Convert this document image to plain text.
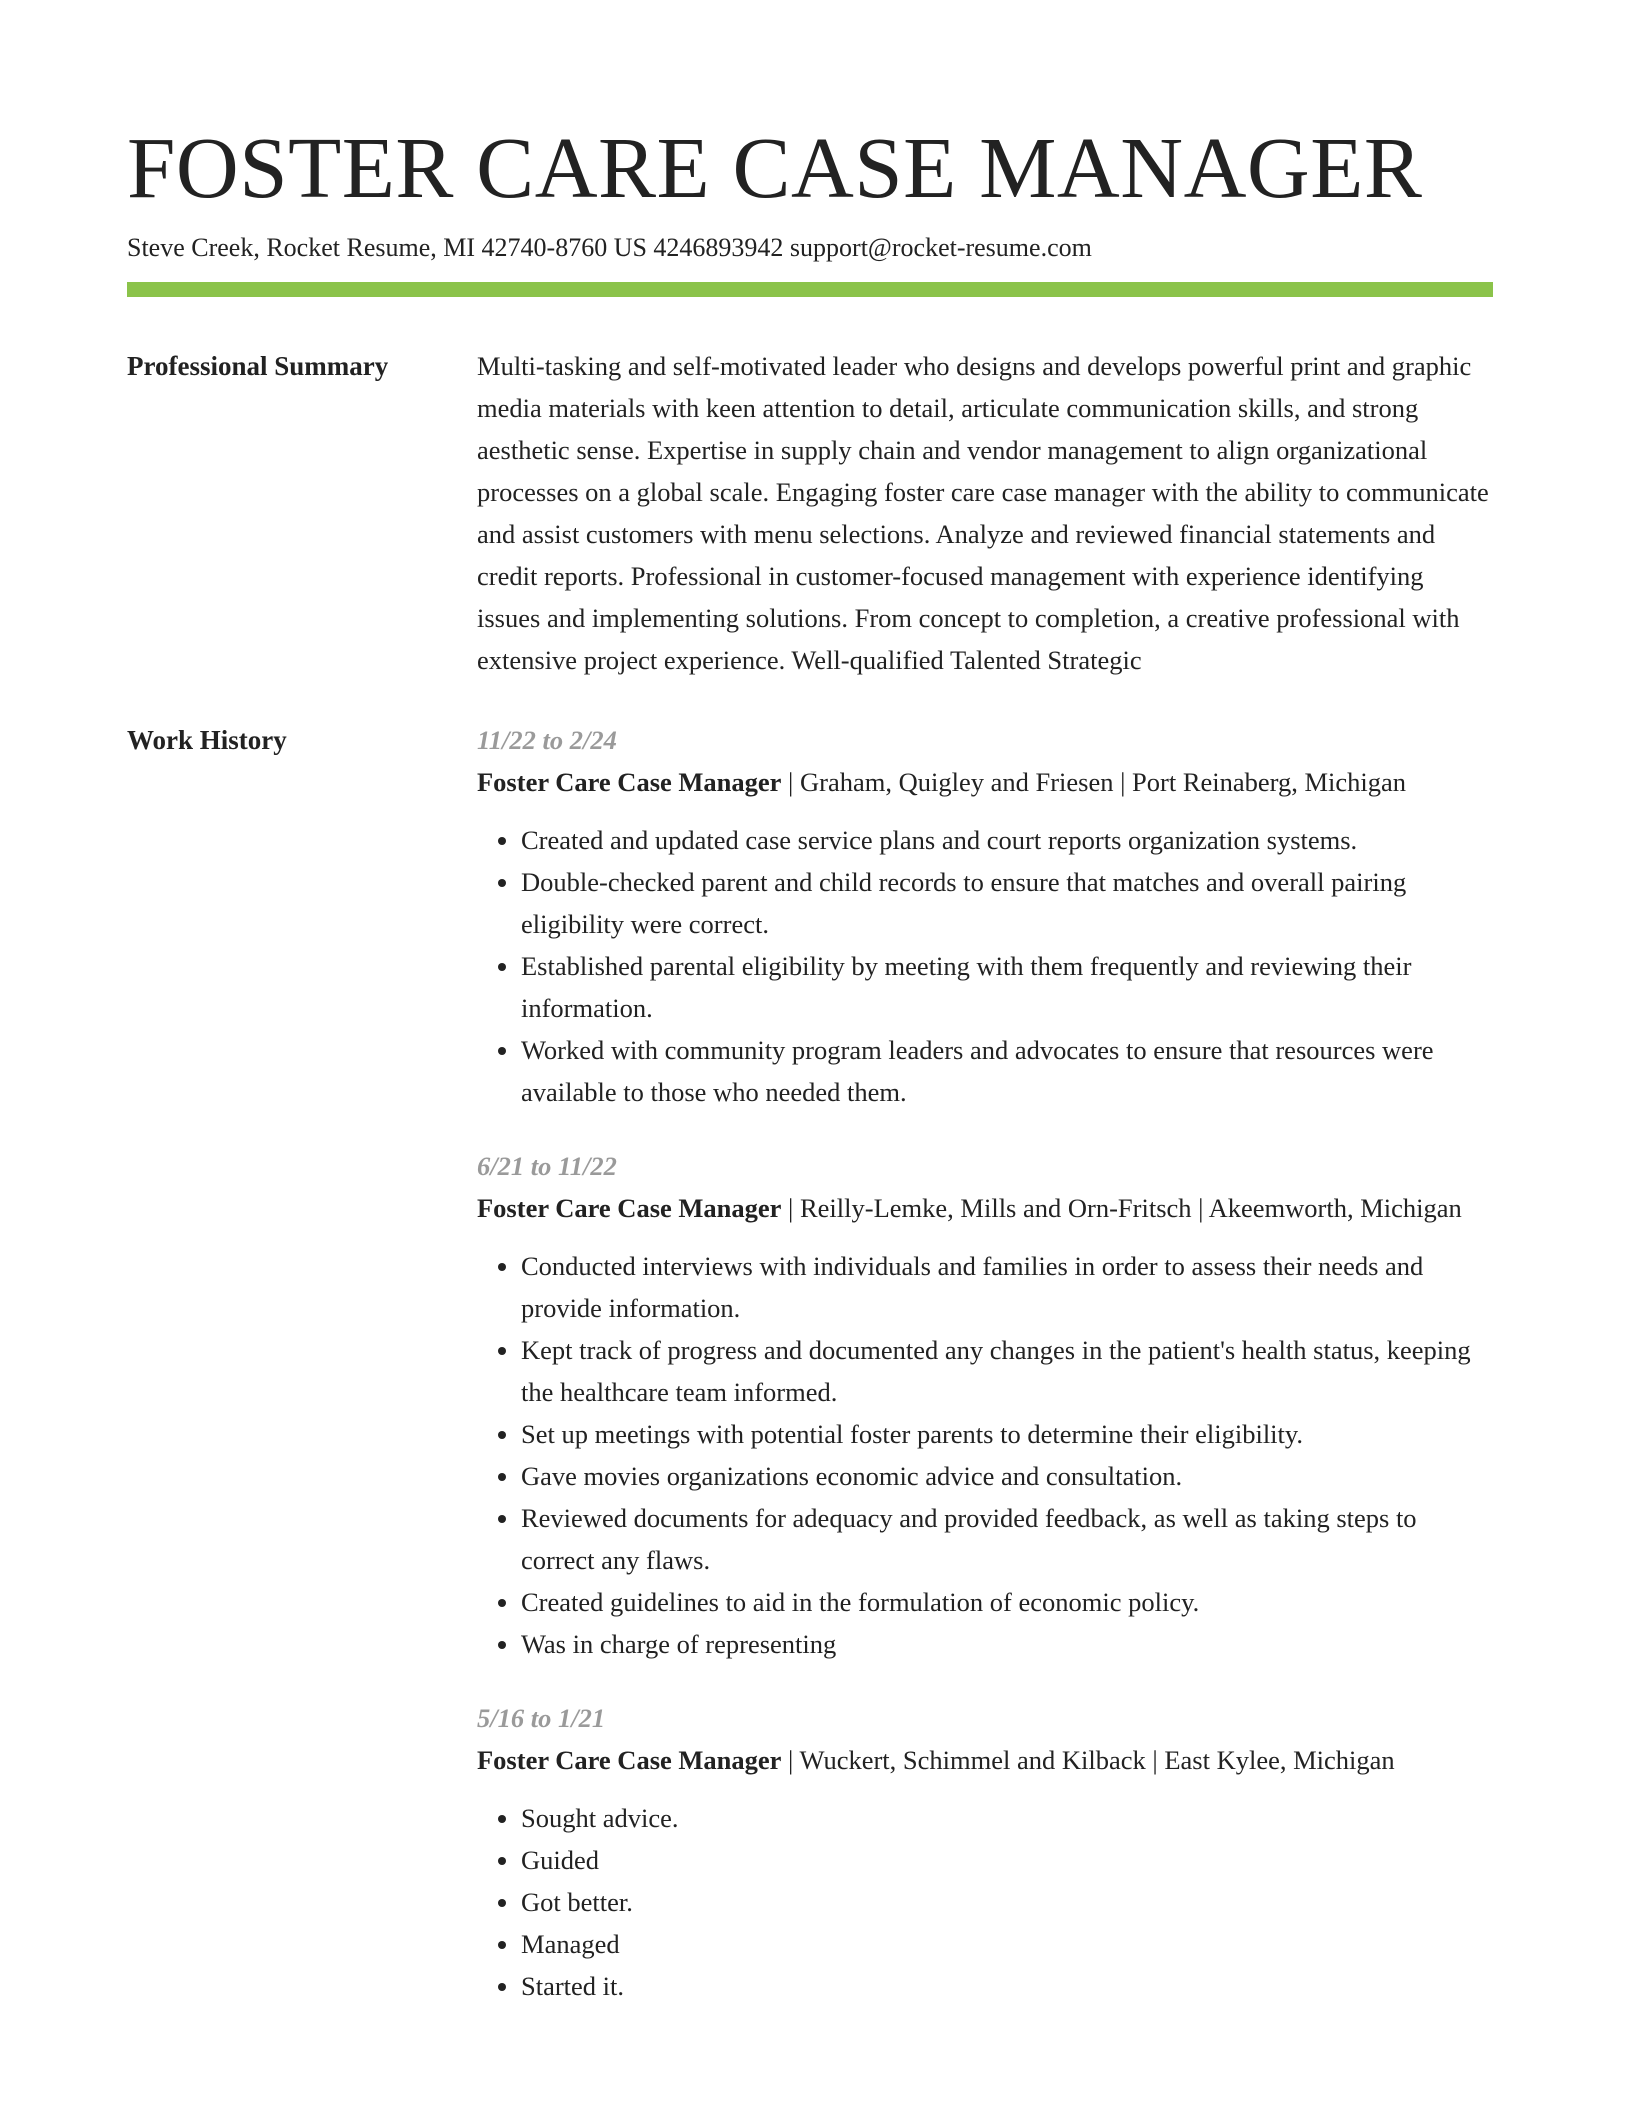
FOSTER CARE CASE MANAGER
Steve Creek, Rocket Resume, MI 42740-8760 US 4246893942 support@rocket-resume.com
Professional Summary	Multi-tasking and self-motivated leader who designs and develops powerful print and graphic media materials with keen attention to detail, articulate communication skills, and strong aesthetic sense. Expertise in supply chain and vendor management to align organizational processes on a global scale. Engaging foster care case manager with the ability to communicate and assist customers with menu selections. Analyze and reviewed financial statements and credit reports. Professional in customer-focused management with experience identifying issues and implementing solutions. From concept to completion, a creative professional with extensive project experience. Well-qualified Talented Strategic

Work History	11/22 to 2/24
Foster Care Case Manager | Graham, Quigley and Friesen | Port Reinaberg, Michigan
• Created and updated case service plans and court reports organization systems.
• Double-checked parent and child records to ensure that matches and overall pairing eligibility were correct.
• Established parental eligibility by meeting with them frequently and reviewing their information.
• Worked with community program leaders and advocates to ensure that resources were available to those who needed them.
6/21 to 11/22
Foster Care Case Manager | Reilly-Lemke, Mills and Orn-Fritsch | Akeemworth, Michigan
• Conducted interviews with individuals and families in order to assess their needs and provide information.
• Kept track of progress and documented any changes in the patient's health status, keeping the healthcare team informed.
• Set up meetings with potential foster parents to determine their eligibility.
• Gave movies organizations economic advice and consultation.
• Reviewed documents for adequacy and provided feedback, as well as taking steps to correct any flaws.
• Created guidelines to aid in the formulation of economic policy.
• Was in charge of representing
5/16 to 1/21
Foster Care Case Manager | Wuckert, Schimmel and Kilback | East Kylee, Michigan
• Sought advice.
• Guided
• Got better.
• Managed
• Started it.
